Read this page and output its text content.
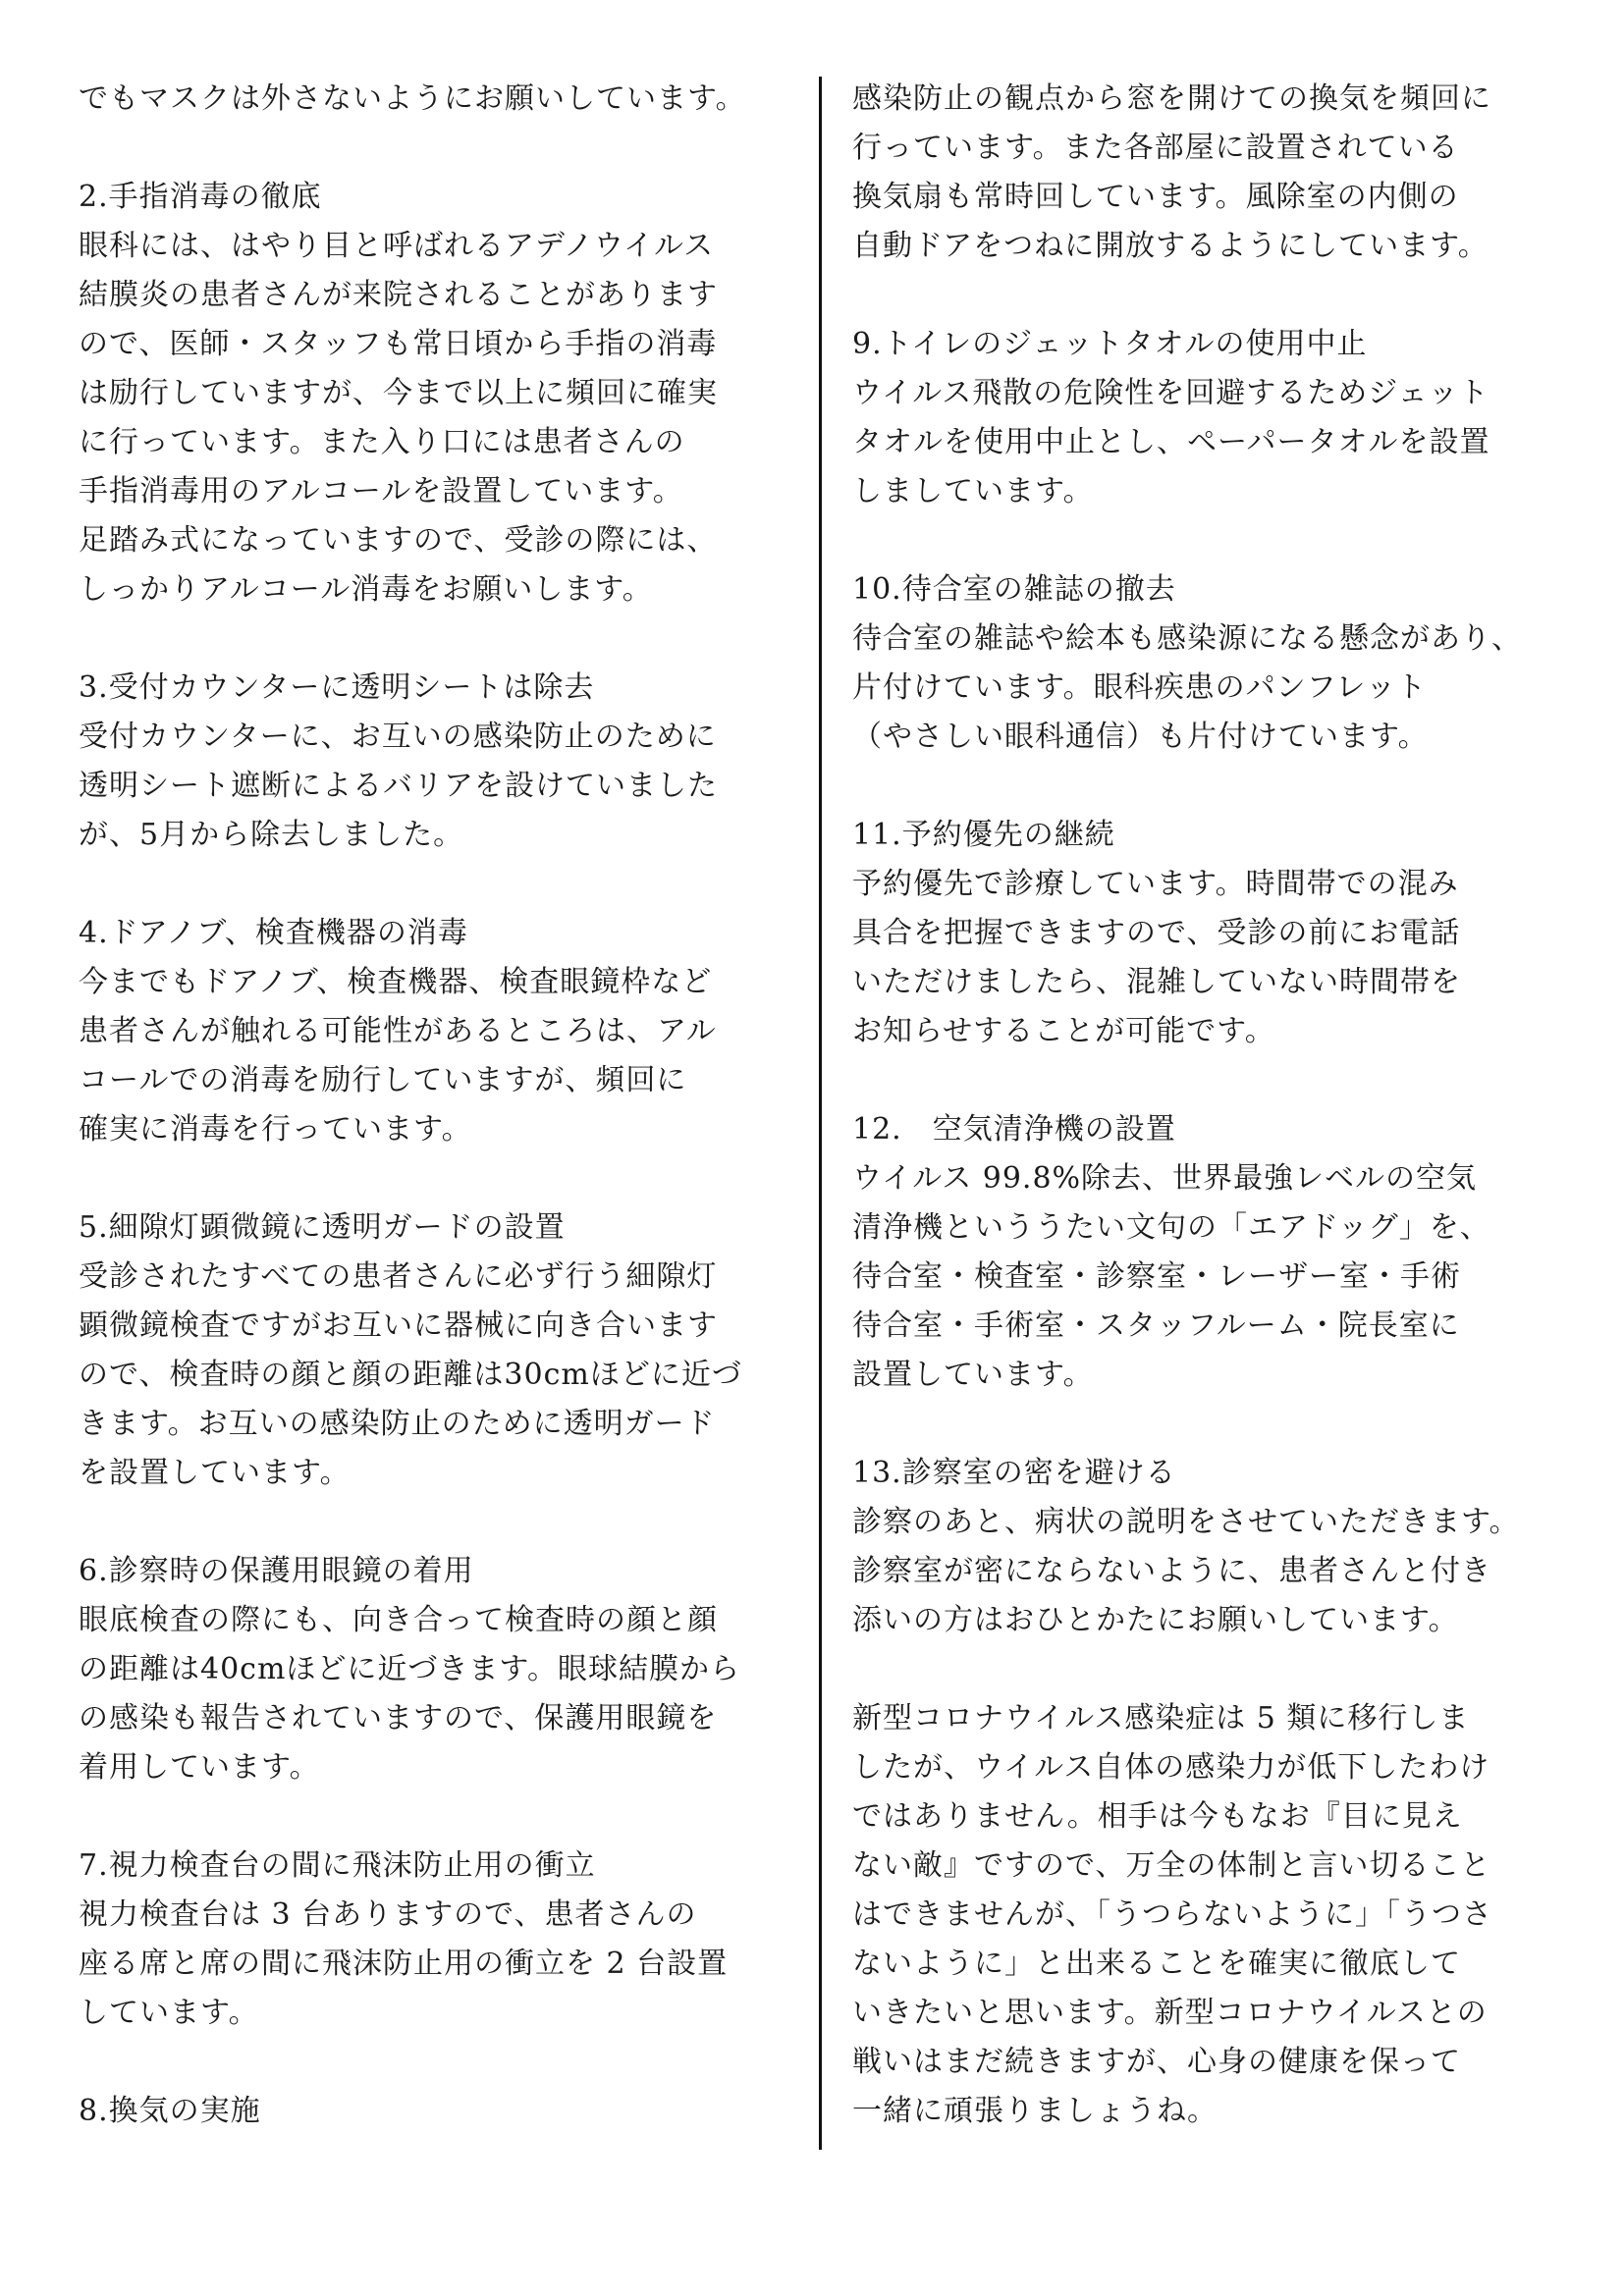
でもマスクは外さないようにお願いしています。
2.手指消毒の徹底
眼科には、はやり目と呼ばれるアデノウイルス
結膜炎の患者さんが来院されることがあります
ので、医師・スタッフも常日頃から手指の消毒
は励行していますが、今まで以上に頻回に確実
に行っています。また入り口には患者さんの
手指消毒用のアルコールを設置しています。
足踏み式になっていますので、受診の際には、
しっかりアルコール消毒をお願いします。
3.受付カウンターに透明シートは除去
受付カウンターに、お互いの感染防止のために
透明シート遮断によるバリアを設けていました
が、5月から除去しました。
4.ドアノブ、検査機器の消毒
今までもドアノブ、検査機器、検査眼鏡枠など
患者さんが触れる可能性があるところは、アル
コールでの消毒を励行していますが、頻回に
確実に消毒を行っています。
5.細隙灯顕微鏡に透明ガードの設置
受診されたすべての患者さんに必ず行う細隙灯
顕微鏡検査ですがお互いに器械に向き合います
ので、検査時の顔と顔の距離は30cmほどに近づ
きます。お互いの感染防止のために透明ガード
を設置しています。
6.診察時の保護用眼鏡の着用
眼底検査の際にも、向き合って検査時の顔と顔
の距離は40cmほどに近づきます。眼球結膜から
の感染も報告されていますので、保護用眼鏡を
着用しています。
7.視力検査台の間に飛沫防止用の衝立
視力検査台は 3 台ありますので、患者さんの
座る席と席の間に飛沫防止用の衝立を 2 台設置
しています。
8.換気の実施
感染防止の観点から窓を開けての換気を頻回に
行っています。また各部屋に設置されている
換気扇も常時回しています。風除室の内側の
自動ドアをつねに開放するようにしています。
9.トイレのジェットタオルの使用中止
ウイルス飛散の危険性を回避するためジェット
タオルを使用中止とし、ペーパータオルを設置
しましています。
10.待合室の雑誌の撤去
待合室の雑誌や絵本も感染源になる懸念があり、
片付けています。眼科疾患のパンフレット
（やさしい眼科通信）も片付けています。
11.予約優先の継続
予約優先で診療しています。時間帯での混み
具合を把握できますので、受診の前にお電話
いただけましたら、混雑していない時間帯を
お知らせすることが可能です。
12.　空気清浄機の設置
ウイルス 99.8%除去、世界最強レベルの空気
清浄機といううたい文句の「エアドッグ」を、
待合室・検査室・診察室・レーザー室・手術
待合室・手術室・スタッフルーム・院長室に
設置しています。
13.診察室の密を避ける
診察のあと、病状の説明をさせていただきます。
診察室が密にならないように、患者さんと付き
添いの方はおひとかたにお願いしています。
新型コロナウイルス感染症は 5 類に移行しま
したが、ウイルス自体の感染力が低下したわけ
ではありません。相手は今もなお『目に見え
ない敵』ですので、万全の体制と言い切ること
はできませんが、「うつらないように」「うつさ
ないように」と出来ることを確実に徹底して
いきたいと思います。新型コロナウイルスとの
戦いはまだ続きますが、心身の健康を保って
一緒に頑張りましょうね。
